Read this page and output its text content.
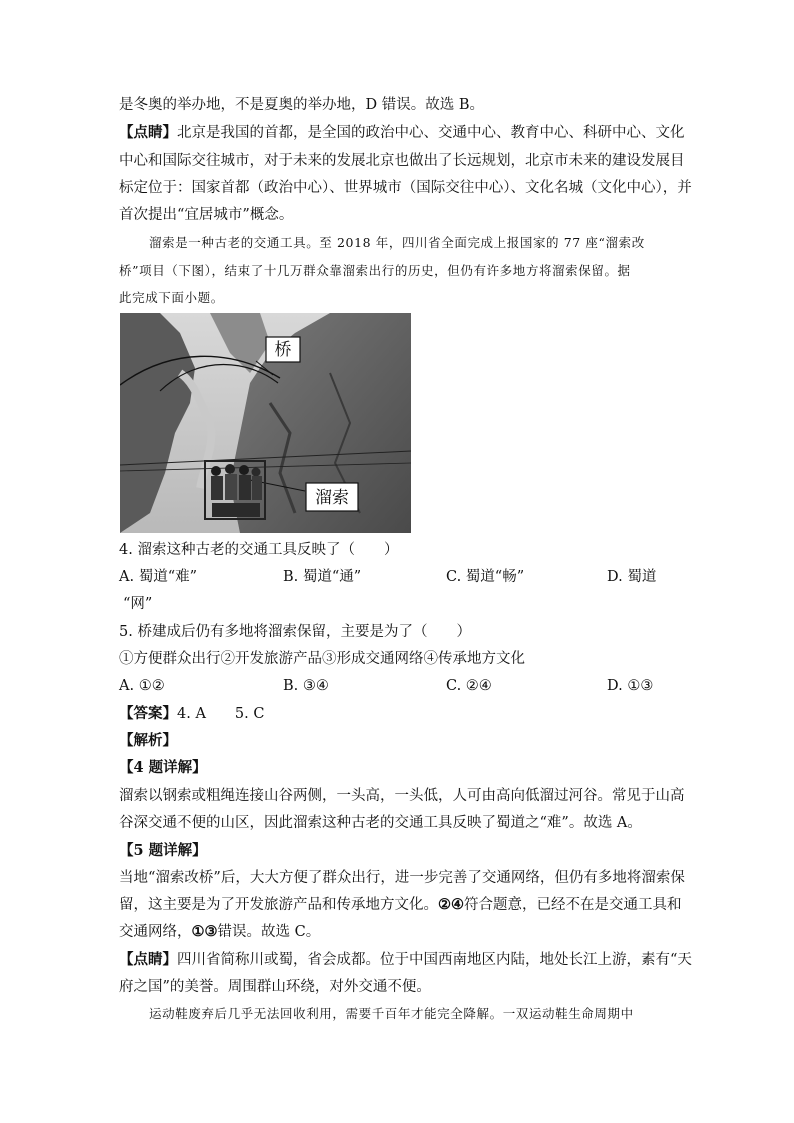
是冬奥的举办地，不是夏奥的举办地，D 错误。故选 B。
【点睛】北京是我国的首都，是全国的政治中心、交通中心、教育中心、科研中心、文化
中心和国际交往城市，对于未来的发展北京也做出了长远规划，北京市未来的建设发展目
标定位于：国家首都（政治中心）、世界城市（国际交往中心）、文化名城（文化中心），并
首次提出“宜居城市”概念。
溜索是一种古老的交通工具。至 2018 年，四川省全面完成上报国家的 77 座“溜索改
桥”项目（下图），结束了十几万群众靠溜索出行的历史，但仍有许多地方将溜索保留。据
此完成下面小题。
桥
溜索
4. 溜索这种古老的交通工具反映了（　　）
A. 蜀道“难”	B. 蜀道“通”	C. 蜀道“畅”	D. 蜀道
“网”
5. 桥建成后仍有多地将溜索保留，主要是为了（　　）
①方便群众出行②开发旅游产品③形成交通网络④传承地方文化
A. ①②	B. ③④	C. ②④	D. ①③
【答案】4. A　　5. C
【解析】
【4 题详解】
溜索以钢索或粗绳连接山谷两侧，一头高，一头低，人可由高向低溜过河谷。常见于山高
谷深交通不便的山区，因此溜索这种古老的交通工具反映了蜀道之“难”。故选 A。
【5 题详解】
当地“溜索改桥”后，大大方便了群众出行，进一步完善了交通网络，但仍有多地将溜索保
留，这主要是为了开发旅游产品和传承地方文化。②④符合题意，已经不在是交通工具和
交通网络，①③错误。故选 C。
【点睛】四川省简称川或蜀，省会成都。位于中国西南地区内陆，地处长江上游，素有“天
府之国”的美誉。周围群山环绕，对外交通不便。
运动鞋废弃后几乎无法回收利用，需要千百年才能完全降解。一双运动鞋生命周期中
